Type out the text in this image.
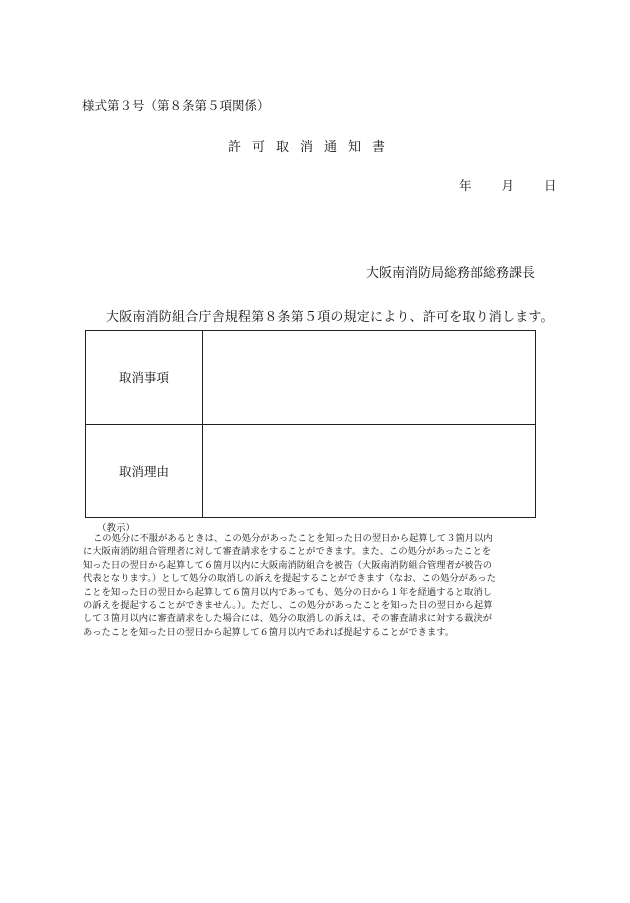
様式第３号（第８条第５項関係）
許可取消通知書
年 月 日
大阪南消防局総務部総務課長
大阪南消防組合庁舎規程第８条第５項の規定により、許可を取り消します。
取消事項	
取消理由	
（教示）
この処分に不服があるときは、この処分があったことを知った日の翌日から起算して３箇月以内
に大阪南消防組合管理者に対して審査請求をすることができます。また、この処分があったことを
知った日の翌日から起算して６箇月以内に大阪南消防組合を被告（大阪南消防組合管理者が被告の
代表となります。）として処分の取消しの訴えを提起することができます（なお、この処分があった
ことを知った日の翌日から起算して６箇月以内であっても、処分の日から１年を経過すると取消し
の訴えを提起することができません。）。ただし、この処分があったことを知った日の翌日から起算
して３箇月以内に審査請求をした場合には、処分の取消しの訴えは、その審査請求に対する裁決が
あったことを知った日の翌日から起算して６箇月以内であれば提起することができます。
